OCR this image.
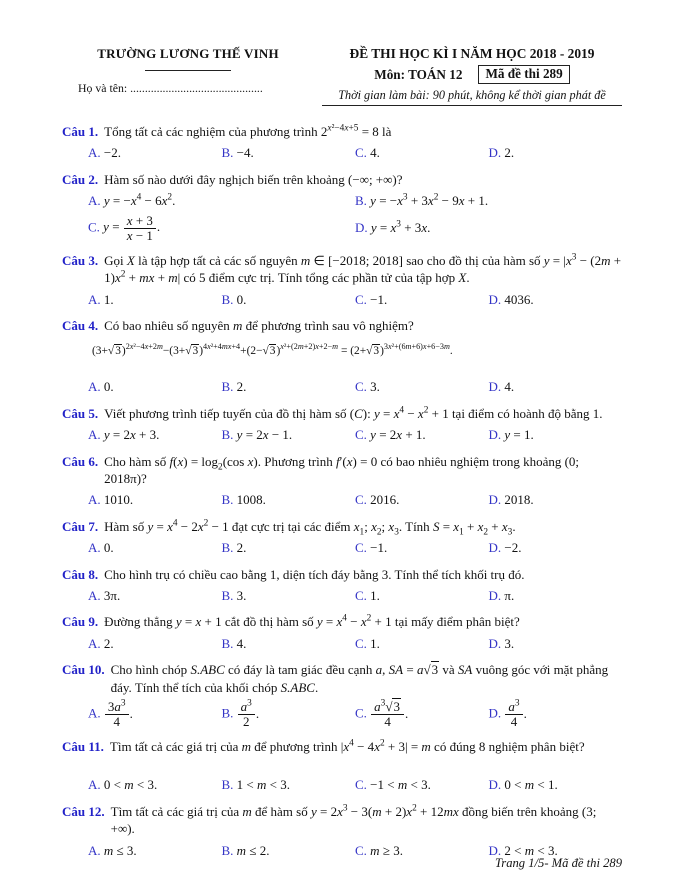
TRƯỜNG LƯƠNG THẾ VINH
Họ và tên: .............................................
ĐỀ THI HỌC KÌ I NĂM HỌC 2018 - 2019
Môn: TOÁN 12	Mã đề thi 289
Thời gian làm bài: 90 phút, không kể thời gian phát đề
Câu 1. Tổng tất cả các nghiệm của phương trình $2^{x^2-4x+5} = 8$ là
A. −2.	B. −4.	C. 4.	D. 2.
Câu 2. Hàm số nào dưới đây nghịch biến trên khoảng (−∞; +∞)?
A. $y = -x^4 - 6x^2$.	B. $y = -x^3 + 3x^2 - 9x + 1$.
C. $y = \frac{x + 3}{x - 1}$ .	D. $y = x^3 + 3x$.
Câu 3. Gọi X là tập hợp tất cả các số nguyên m ∈ [−2018; 2018] sao cho đồ thị của hàm số $y = |x^3 - (2m + 1)x^2$ + mx + m| có 5 điểm cực trị. Tính tổng các phần tử của tập hợp X.
A. 1.	B. 0.	C. −1.	D. 4036.
Câu 4. Có bao nhiêu số nguyên m để phương trình sau vô nghiệm?
$(3+√3)^{2x^2-4x+2m}-(3+√3)^{4x^2+4mx+4}+(2-√3)^{x^2+(2m+2)x+2-m} = (2+√3)^{3x^2+(6m+6)x+6-3m}$.
A. 0.	B. 2.	C. 3.	D. 4.
Câu 5. Viết phương trình tiếp tuyến của đồ thị hàm số (C): $y = x^4 - x^2 + 1$ tại điểm có hoành độ bằng 1.
A. y = 2x + 3.	B. y = 2x − 1.	C. y = 2x + 1.	D. y = 1.
Câu 6. Cho hàm số $f(x) = \log_2(\cos$ x). Phương trình f′(x) = 0 có bao nhiêu nghiệm trong khoảng (0; 2018π)?
A. 1010.	B. 1008.	C. 2016.	D. 2018.
Câu 7. Hàm số $y = x^4 - 2x^2 - 1$ đạt cực trị tại các điểm $x_1$; $x_2$; $x_3$. Tính $S = x_1 + x_2 + x_3$.
A. 0.	B. 2.	C. −1.	D. −2.
Câu 8. Cho hình trụ có chiều cao bằng 1, diện tích đáy bằng 3. Tính thể tích khối trụ đó.
A. 3π.	B. 3.	C. 1.	D. π.
Câu 9. Đường thẳng y = x + 1 cắt đồ thị hàm số $y = x^4 - x^2 + 1$ tại mấy điểm phân biệt?
A. 2.	B. 4.	C. 1.	D. 3.
Câu 10. Cho hình chóp S.ABC có đáy là tam giác đều cạnh a, SA = a√3 và SA vuông góc với mặt phẳng đáy. Tính thể tích của khối chóp S.ABC.
A. $\frac{3a^3}{4}$ .	B. $\frac{a^3}{2}$ .	C. $\frac{a^3√3}{4}$ .	D. $\frac{a^3}{4}$ .
Câu 11. Tìm tất cả các giá trị của m để phương trình $|x^4 - 4x^2 + 3| = m$ có đúng 8 nghiệm phân biệt?
A. 0 < m < 3.	B. 1 < m < 3.	C. −1 < m < 3.	D. 0 < m < 1.
Câu 12. Tìm tất cả các giá trị của m để hàm số $y = 2x^3 - 3(m + 2)x^2 + 12mx$ đồng biến trên khoảng (3; +∞).
A. m ≤ 3.	B. m ≤ 2.	C. m ≥ 3.	D. 2 < m < 3.
Trang 1/5- Mã đề thi 289
